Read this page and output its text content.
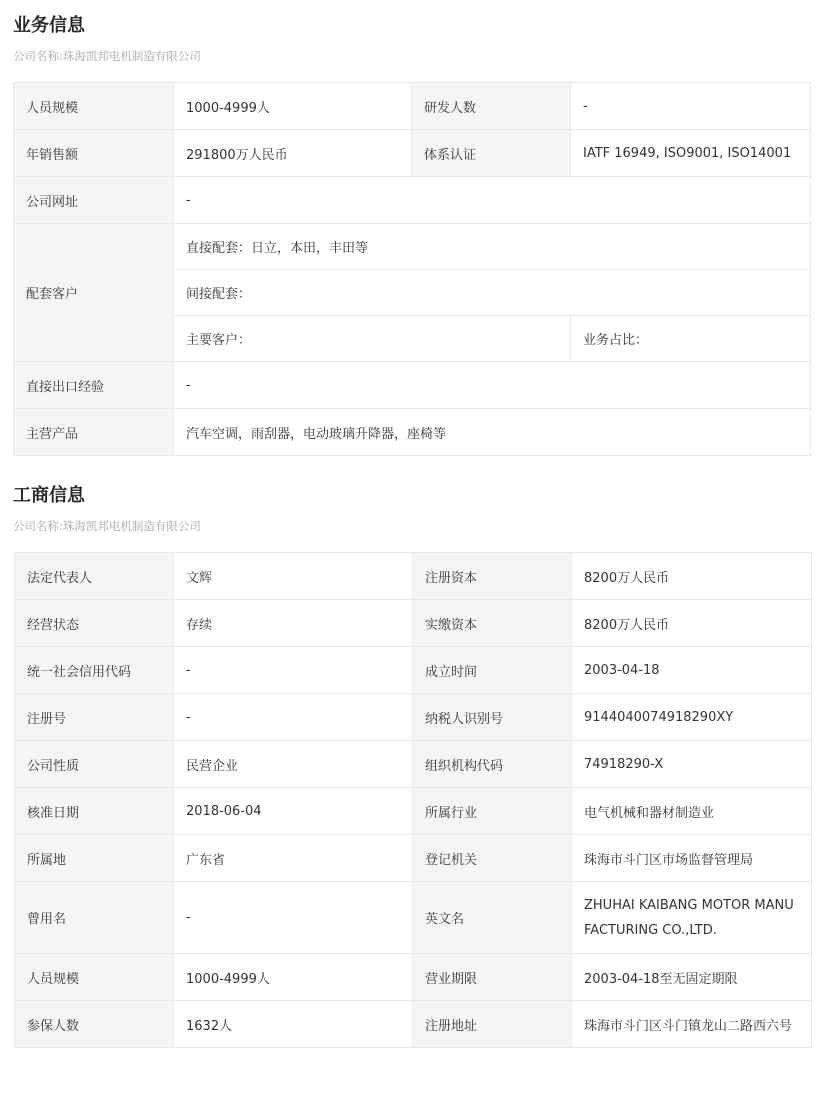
业务信息
公司名称:珠海凯邦电机制造有限公司
人员规模	1000-4999人	研发人数	-
年销售额	291800万人民币	体系认证	IATF 16949, ISO9001, ISO14001
公司网址	-		
配套客户	直接配套：日立，本田，丰田等		
	间接配套：		
	主要客户：		业务占比：
直接出口经验	-		
主营产品	汽车空调，雨刮器，电动玻璃升降器，座椅等		
工商信息
公司名称:珠海凯邦电机制造有限公司
法定代表人	文辉	注册资本	8200万人民币
经营状态	存续	实缴资本	8200万人民币
统一社会信用代码	-	成立时间	2003-04-18
注册号	-	纳税人识别号	9144040074918290XY
公司性质	民营企业	组织机构代码	74918290-X
核准日期	2018-06-04	所属行业	电气机械和器材制造业
所属地	广东省	登记机关	珠海市斗门区市场监督管理局
曾用名	-	英文名	ZHUHAI KAIBANG MOTOR MANUFACTURING CO.,LTD.
人员规模	1000-4999人	营业期限	2003-04-18至无固定期限
参保人数	1632人	注册地址	珠海市斗门区斗门镇龙山二路西六号
